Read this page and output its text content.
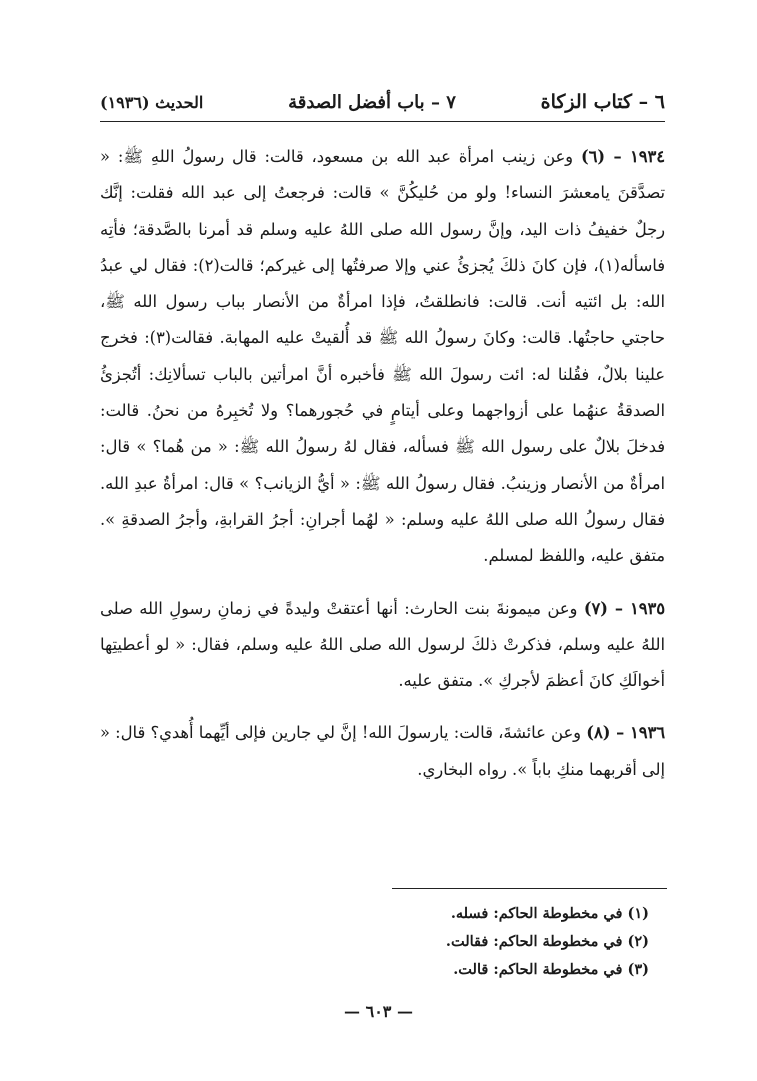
٦ – كتاب الزكاة
٧ – باب أفضل الصدقة
الحديث (١٩٣٦)

١٩٣٤ – (٦) وعن زينب امرأة عبد الله بن مسعود، قالت: قال رسولُ اللهِ ﷺ: « تصدَّقنَ يامعشرَ النساء! ولو من حُليكُنَّ » قالت: فرجعتُ إلى عبد الله فقلت: إنَّك رجلٌ خفيفُ ذات اليد، وإنَّ رسول الله صلى اللهُ عليه وسلم قد أمرنا بالصَّدقة؛ فأتِه فاسأله(١)، فإن كانَ ذلكَ يُجزئُ عني وإلا صرفتُها إلى غيركم؛ قالت(٢): فقال لي عبدُ الله: بل ائتيه أنت. قالت: فانطلقتُ، فإذا امرأةٌ من الأنصار بباب رسول الله ﷺ، حاجتي حاجتُها. قالت: وكانَ رسولُ الله ﷺ قد أُلقيتْ عليه المهابة. فقالت(٣): فخرج علينا بلالٌ، فقُلنا له: ائت رسولَ الله ﷺ فأخبره أنَّ امرأتين بالباب تسألانِك: أتُجزئُ الصدقةُ عنهُما على أزواجهما وعلى أيتامٍ في حُجورهما؟ ولا تُخبِرهُ من نحنُ. قالت: فدخلَ بلالٌ على رسول الله ﷺ فسأله، فقال لهُ رسولُ الله ﷺ: « من هُما؟ » قال: امرأةٌ من الأنصار وزينبُ. فقال رسولُ الله ﷺ: « أيُّ الزيانب؟ » قال: امرأةُ عبدِ الله. فقال رسولُ الله صلى اللهُ عليه وسلم: « لهُما أجرانِ: أجرُ القرابةِ، وأجرُ الصدقةِ ». متفق عليه، واللفظ لمسلم.

١٩٣٥ – (٧) وعن ميمونةَ بنت الحارث: أنها أعتقتْ وليدةً في زمانِ رسولِ الله صلى اللهُ عليه وسلم، فذكرتْ ذلكَ لرسول الله صلى اللهُ عليه وسلم، فقال: « لو أعطيتِها أخوالَكِ كانَ أعظمَ لأجركِ ». متفق عليه.

١٩٣٦ – (٨) وعن عائشةَ، قالت: يارسولَ الله! إنَّ لي جارين فإلى أيِّهما أُهدي؟ قال: « إلى أقربهما منكِ باباً ». رواه البخاري.

(١) في مخطوطة الحاكم: فسله.
(٢) في مخطوطة الحاكم: فقالت.
(٣) في مخطوطة الحاكم: قالت.
— ٦٠٣ —
